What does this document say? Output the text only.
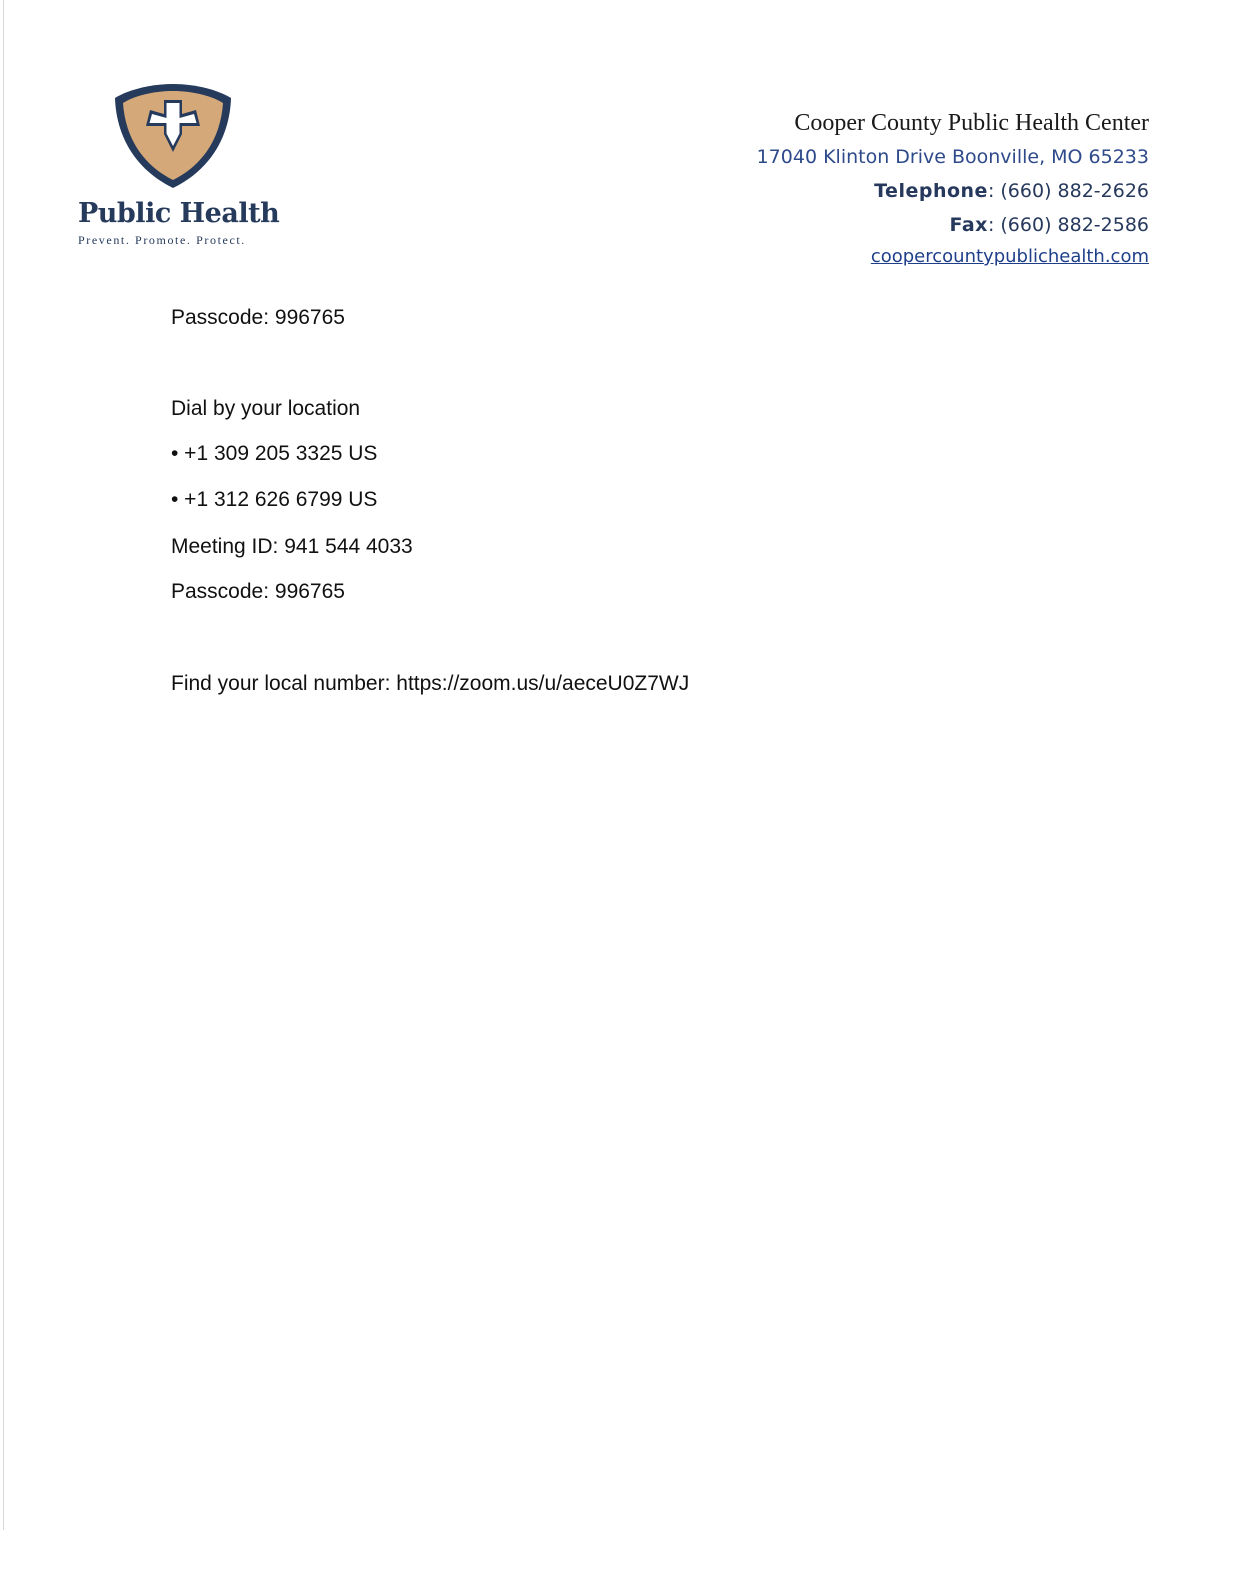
Public Health
Prevent. Promote. Protect.
Cooper County Public Health Center
17040 Klinton Drive Boonville, MO 65233
Telephone: (660) 882-2626
Fax: (660) 882-2586
coopercountypublichealth.com
Passcode: 996765
Dial by your location
• +1 309 205 3325 US
• +1 312 626 6799 US
Meeting ID: 941 544 4033
Passcode: 996765
Find your local number: https://zoom.us/u/aeceU0Z7WJ
